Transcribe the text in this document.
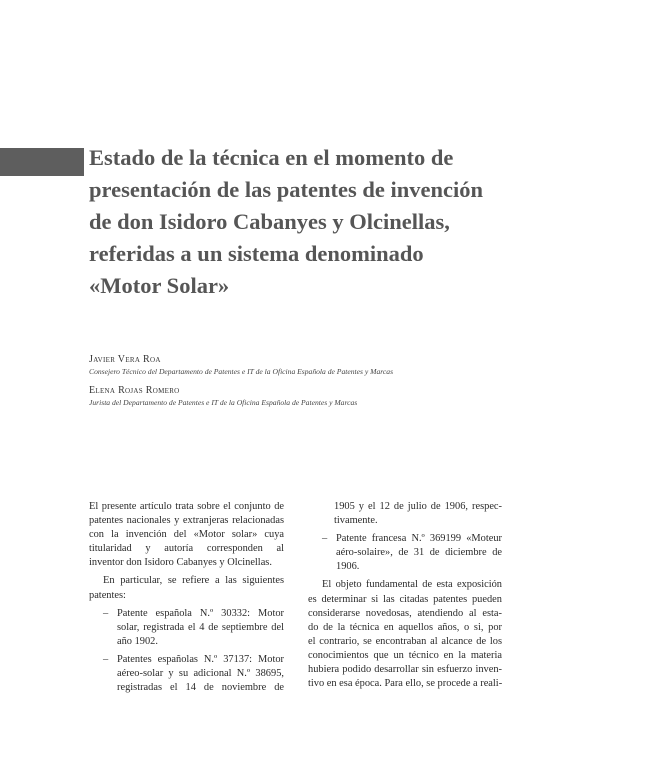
Estado de la técnica en el momento de
presentación de las patentes de invención
de don Isidoro Cabanyes y Olcinellas,
referidas a un sistema denominado
«Motor Solar»
Javier Vera Roa
Consejero Técnico del Departamento de Patentes e IT de la Oficina Española de Patentes y Marcas
Elena Rojas Romero
Jurista del Departamento de Patentes e IT de la Oficina Española de Patentes y Marcas
El presente artículo trata sobre el conjunto de
patentes nacionales y extranjeras relacionadas
con la invención del «Motor solar» cuya
titularidad y autoría corresponden al
inventor don Isidoro Cabanyes y Olcinellas.
En particular, se refiere a las siguientes
patentes:
– Patente española N.º 30332: Motor
solar, registrada el 4 de septiembre del
año 1902.
– Patentes españolas N.º 37137: Motor
aéreo-solar y su adicional N.º 38695,
registradas el 14 de noviembre de
1905 y el 12 de julio de 1906, respec-
tivamente.
– Patente francesa N.º 369199 «Moteur
aéro-solaire», de 31 de diciembre de
1906.
El objeto fundamental de esta exposición
es determinar si las citadas patentes pueden
considerarse novedosas, atendiendo al esta-
do de la técnica en aquellos años, o si, por
el contrario, se encontraban al alcance de los
conocimientos que un técnico en la materia
hubiera podido desarrollar sin esfuerzo inven-
tivo en esa época. Para ello, se procede a reali-
